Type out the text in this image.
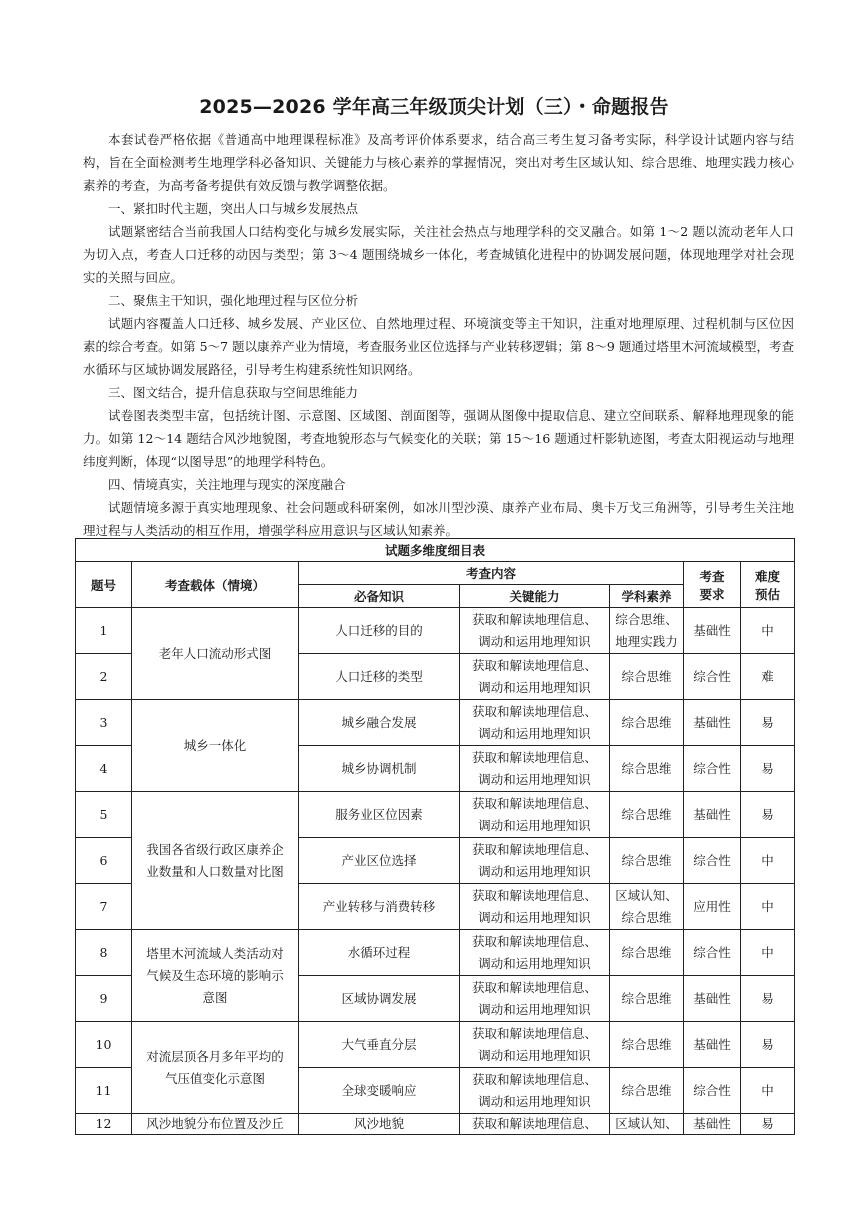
2025—2026 学年高三年级顶尖计划（三）・命题报告

本套试卷严格依据《普通高中地理课程标准》及高考评价体系要求，结合高三考生复习备考实际，科学设计试题内容与结构，旨在全面检测考生地理学科必备知识、关键能力与核心素养的掌握情况，突出对考生区域认知、综合思维、地理实践力核心素养的考查，为高考备考提供有效反馈与教学调整依据。

一、紧扣时代主题，突出人口与城乡发展热点

试题紧密结合当前我国人口结构变化与城乡发展实际，关注社会热点与地理学科的交叉融合。如第 1～2 题以流动老年人口为切入点，考查人口迁移的动因与类型；第 3～4 题围绕城乡一体化，考查城镇化进程中的协调发展问题，体现地理学对社会现实的关照与回应。

二、聚焦主干知识，强化地理过程与区位分析

试题内容覆盖人口迁移、城乡发展、产业区位、自然地理过程、环境演变等主干知识，注重对地理原理、过程机制与区位因素的综合考查。如第 5～7 题以康养产业为情境，考查服务业区位选择与产业转移逻辑；第 8～9 题通过塔里木河流域模型，考查水循环与区域协调发展路径，引导考生构建系统性知识网络。

三、图文结合，提升信息获取与空间思维能力

试卷图表类型丰富，包括统计图、示意图、区域图、剖面图等，强调从图像中提取信息、建立空间联系、解释地理现象的能力。如第 12～14 题结合风沙地貌图，考查地貌形态与气候变化的关联；第 15～16 题通过杆影轨迹图，考查太阳视运动与地理纬度判断，体现“以图导思”的地理学科特色。

四、情境真实，关注地理与现实的深度融合

试题情境多源于真实地理现象、社会问题或科研案例，如冰川型沙漠、康养产业布局、奥卡万戈三角洲等，引导考生关注地理过程与人类活动的相互作用，增强学科应用意识与区域认知素养。

试题多维度细目表						
题号	考查载体（情境）	考查内容			考查
要求	难度
预估
		必备知识	关键能力	学科素养		
1	老年人口流动形式图	人口迁移的目的	获取和解读地理信息、
调动和运用地理知识	综合思维、
地理实践力	基础性	中
2		人口迁移的类型	获取和解读地理信息、
调动和运用地理知识	综合思维	综合性	难
3	城乡一体化	城乡融合发展	获取和解读地理信息、
调动和运用地理知识	综合思维	基础性	易
4		城乡协调机制	获取和解读地理信息、
调动和运用地理知识	综合思维	综合性	易
5	我国各省级行政区康养企业数量和人口数量对比图	服务业区位因素	获取和解读地理信息、
调动和运用地理知识	综合思维	基础性	易
6		产业区位选择	获取和解读地理信息、
调动和运用地理知识	综合思维	综合性	中
7		产业转移与消费转移	获取和解读地理信息、
调动和运用地理知识	区域认知、
综合思维	应用性	中
8	塔里木河流域人类活动对气候及生态环境的影响示意图	水循环过程	获取和解读地理信息、
调动和运用地理知识	综合思维	综合性	中
9		区域协调发展	获取和解读地理信息、
调动和运用地理知识	综合思维	基础性	易
10	对流层顶各月多年平均的气压值变化示意图	大气垂直分层	获取和解读地理信息、
调动和运用地理知识	综合思维	基础性	易
11		全球变暖响应	获取和解读地理信息、
调动和运用地理知识	综合思维	综合性	中
12	风沙地貌分布位置及沙丘	风沙地貌	获取和解读地理信息、	区域认知、	基础性	易
